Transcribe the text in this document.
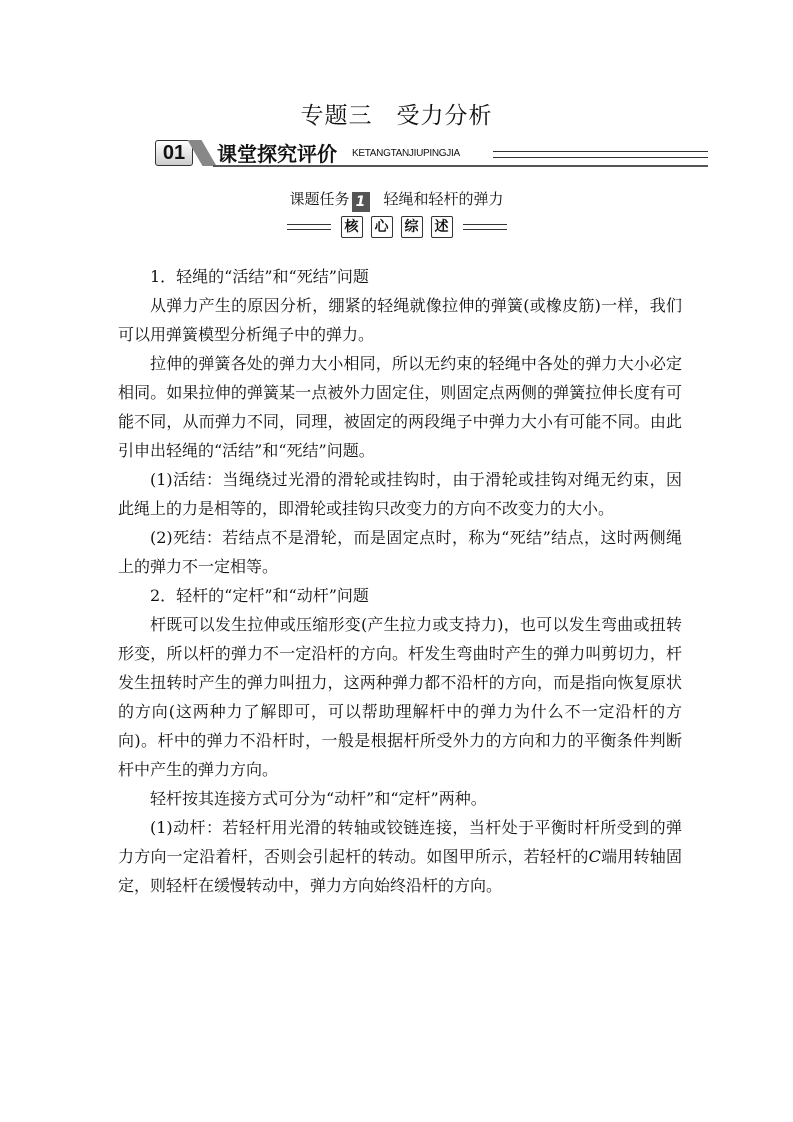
专题三　受力分析
01	课堂探究评价 KETANGTANJIUPINGJIA
课题任务 1 轻绳和轻杆的弹力
核 心 综 述

1．轻绳的“活结”和“死结”问题

从弹力产生的原因分析，绷紧的轻绳就像拉伸的弹簧(或橡皮筋)一样，我们可以用弹簧模型分析绳子中的弹力。

拉伸的弹簧各处的弹力大小相同，所以无约束的轻绳中各处的弹力大小必定相同。如果拉伸的弹簧某一点被外力固定住，则固定点两侧的弹簧拉伸长度有可能不同，从而弹力不同，同理，被固定的两段绳子中弹力大小有可能不同。由此引申出轻绳的“活结”和“死结”问题。

(1)活结：当绳绕过光滑的滑轮或挂钩时，由于滑轮或挂钩对绳无约束，因此绳上的力是相等的，即滑轮或挂钩只改变力的方向不改变力的大小。

(2)死结：若结点不是滑轮，而是固定点时，称为“死结”结点，这时两侧绳上的弹力不一定相等。

2．轻杆的“定杆”和“动杆”问题

杆既可以发生拉伸或压缩形变(产生拉力或支持力)，也可以发生弯曲或扭转形变，所以杆的弹力不一定沿杆的方向。杆发生弯曲时产生的弹力叫剪切力，杆发生扭转时产生的弹力叫扭力，这两种弹力都不沿杆的方向，而是指向恢复原状的方向(这两种力了解即可，可以帮助理解杆中的弹力为什么不一定沿杆的方向)。杆中的弹力不沿杆时，一般是根据杆所受外力的方向和力的平衡条件判断杆中产生的弹力方向。

轻杆按其连接方式可分为“动杆”和“定杆”两种。

(1)动杆：若轻杆用光滑的转轴或铰链连接，当杆处于平衡时杆所受到的弹力方向一定沿着杆，否则会引起杆的转动。如图甲所示，若轻杆的C端用转轴固定，则轻杆在缓慢转动中，弹力方向始终沿杆的方向。
